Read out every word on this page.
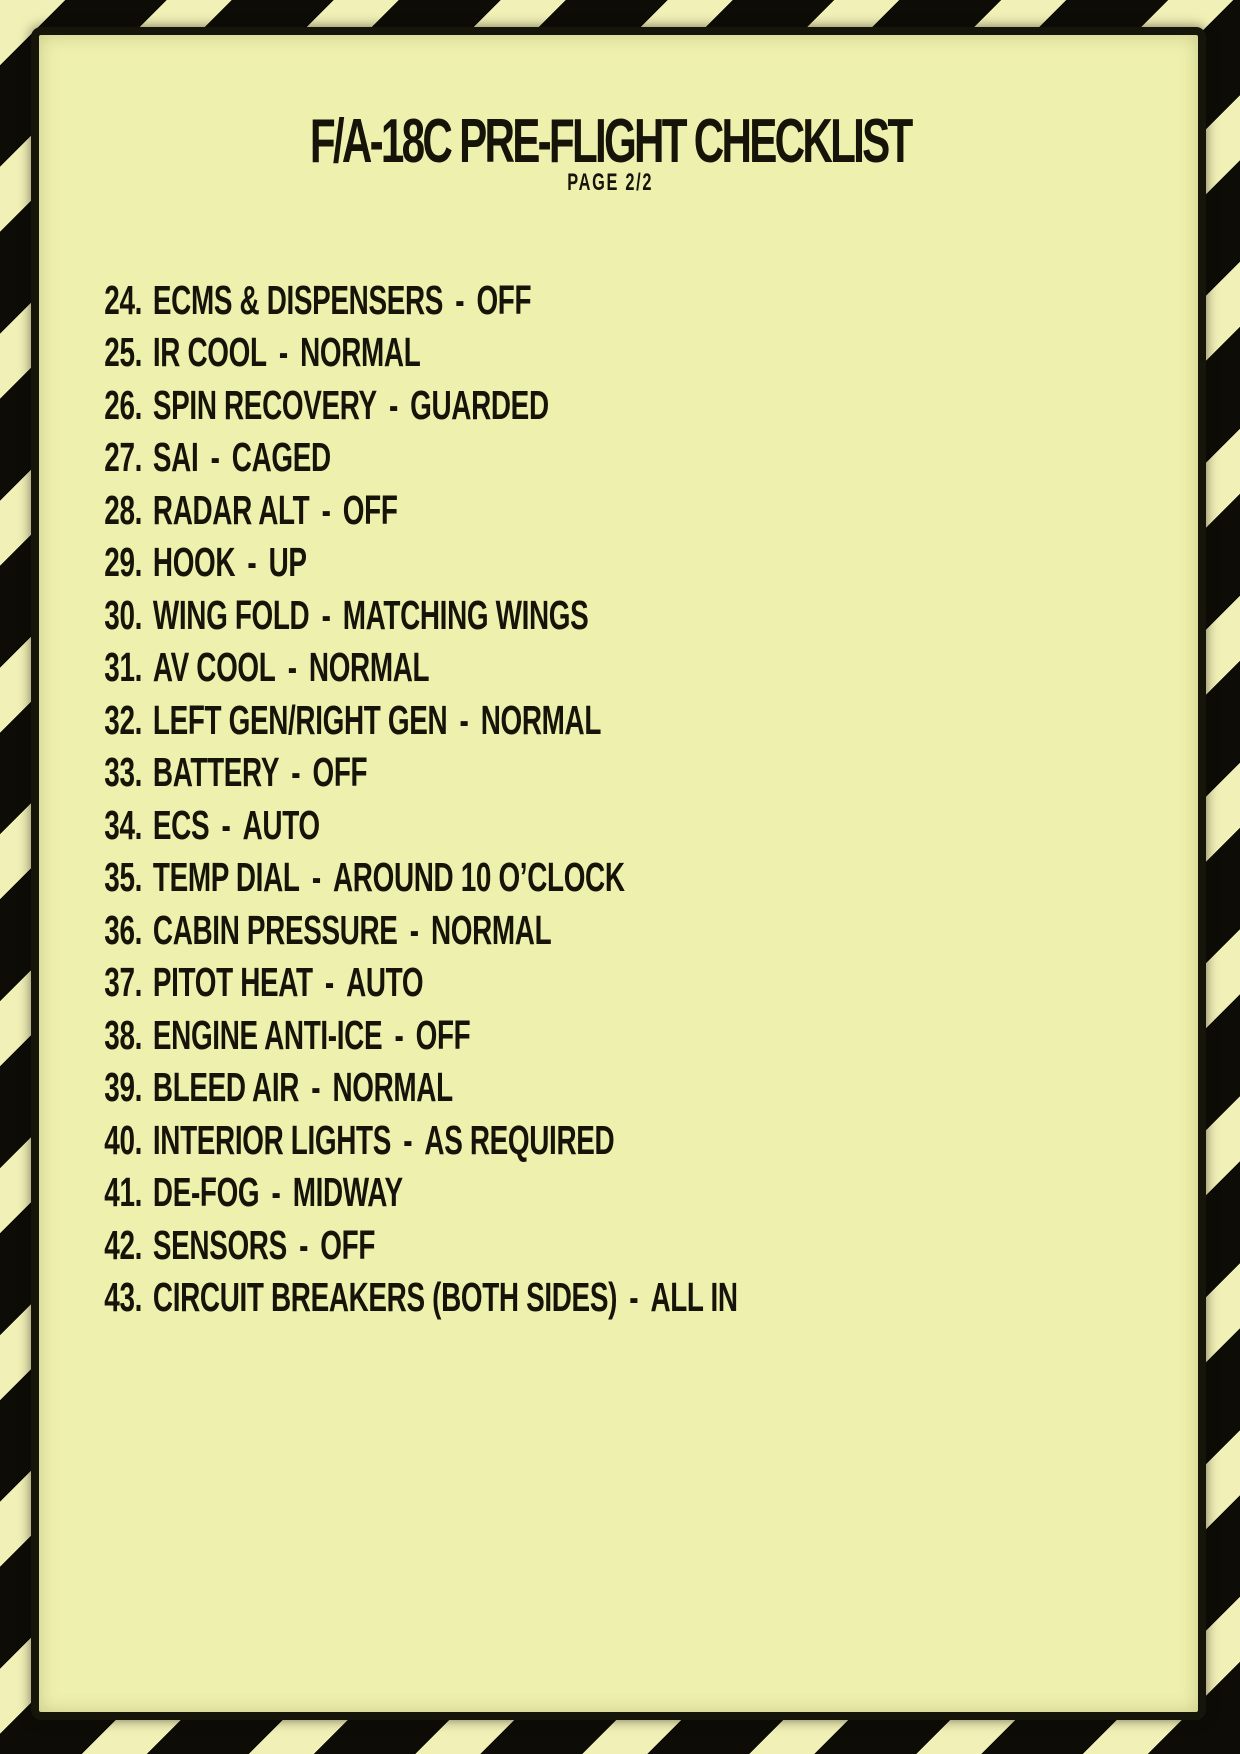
F/A-18C PRE-FLIGHT CHECKLIST
PAGE 2/2
24. ECMS & DISPENSERS - OFF
25. IR COOL - NORMAL
26. SPIN RECOVERY - GUARDED
27. SAI - CAGED
28. RADAR ALT - OFF
29. HOOK - UP
30. WING FOLD - MATCHING WINGS
31. AV COOL - NORMAL
32. LEFT GEN/RIGHT GEN - NORMAL
33. BATTERY - OFF
34. ECS - AUTO
35. TEMP DIAL - AROUND 10 O’CLOCK
36. CABIN PRESSURE - NORMAL
37. PITOT HEAT - AUTO
38. ENGINE ANTI-ICE - OFF
39. BLEED AIR - NORMAL
40. INTERIOR LIGHTS - AS REQUIRED
41. DE-FOG - MIDWAY
42. SENSORS - OFF
43. CIRCUIT BREAKERS (BOTH SIDES) - ALL IN
